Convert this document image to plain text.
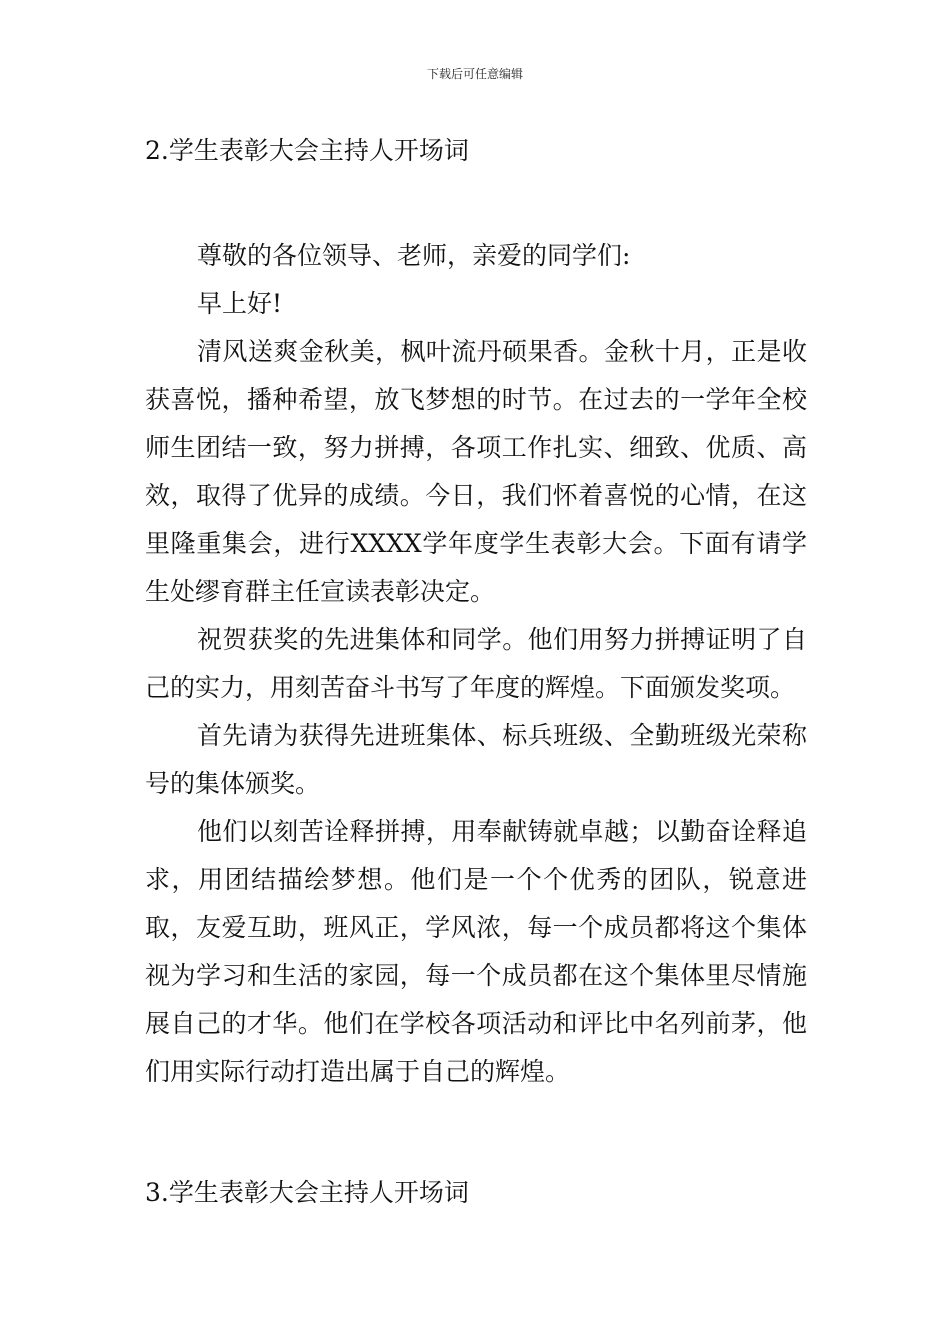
下载后可任意编辑
2.学生表彰大会主持人开场词

尊敬的各位领导、老师，亲爱的同学们:

早上好!

清风送爽金秋美，枫叶流丹硕果香。金秋十月，正是收获喜悦，播种希望，放飞梦想的时节。在过去的一学年全校师生团结一致，努力拼搏，各项工作扎实、细致、优质、高效，取得了优异的成绩。今日，我们怀着喜悦的心情，在这里隆重集会，进行XXXX学年度学生表彰大会。下面有请学生处缪育群主任宣读表彰决定。

祝贺获奖的先进集体和同学。他们用努力拼搏证明了自己的实力，用刻苦奋斗书写了年度的辉煌。下面颁发奖项。

首先请为获得先进班集体、标兵班级、全勤班级光荣称号的集体颁奖。

他们以刻苦诠释拼搏，用奉献铸就卓越；以勤奋诠释追求，用团结描绘梦想。他们是一个个优秀的团队，锐意进取，友爱互助，班风正，学风浓，每一个成员都将这个集体视为学习和生活的家园，每一个成员都在这个集体里尽情施展自己的才华。他们在学校各项活动和评比中名列前茅，他们用实际行动打造出属于自己的辉煌。

3.学生表彰大会主持人开场词
